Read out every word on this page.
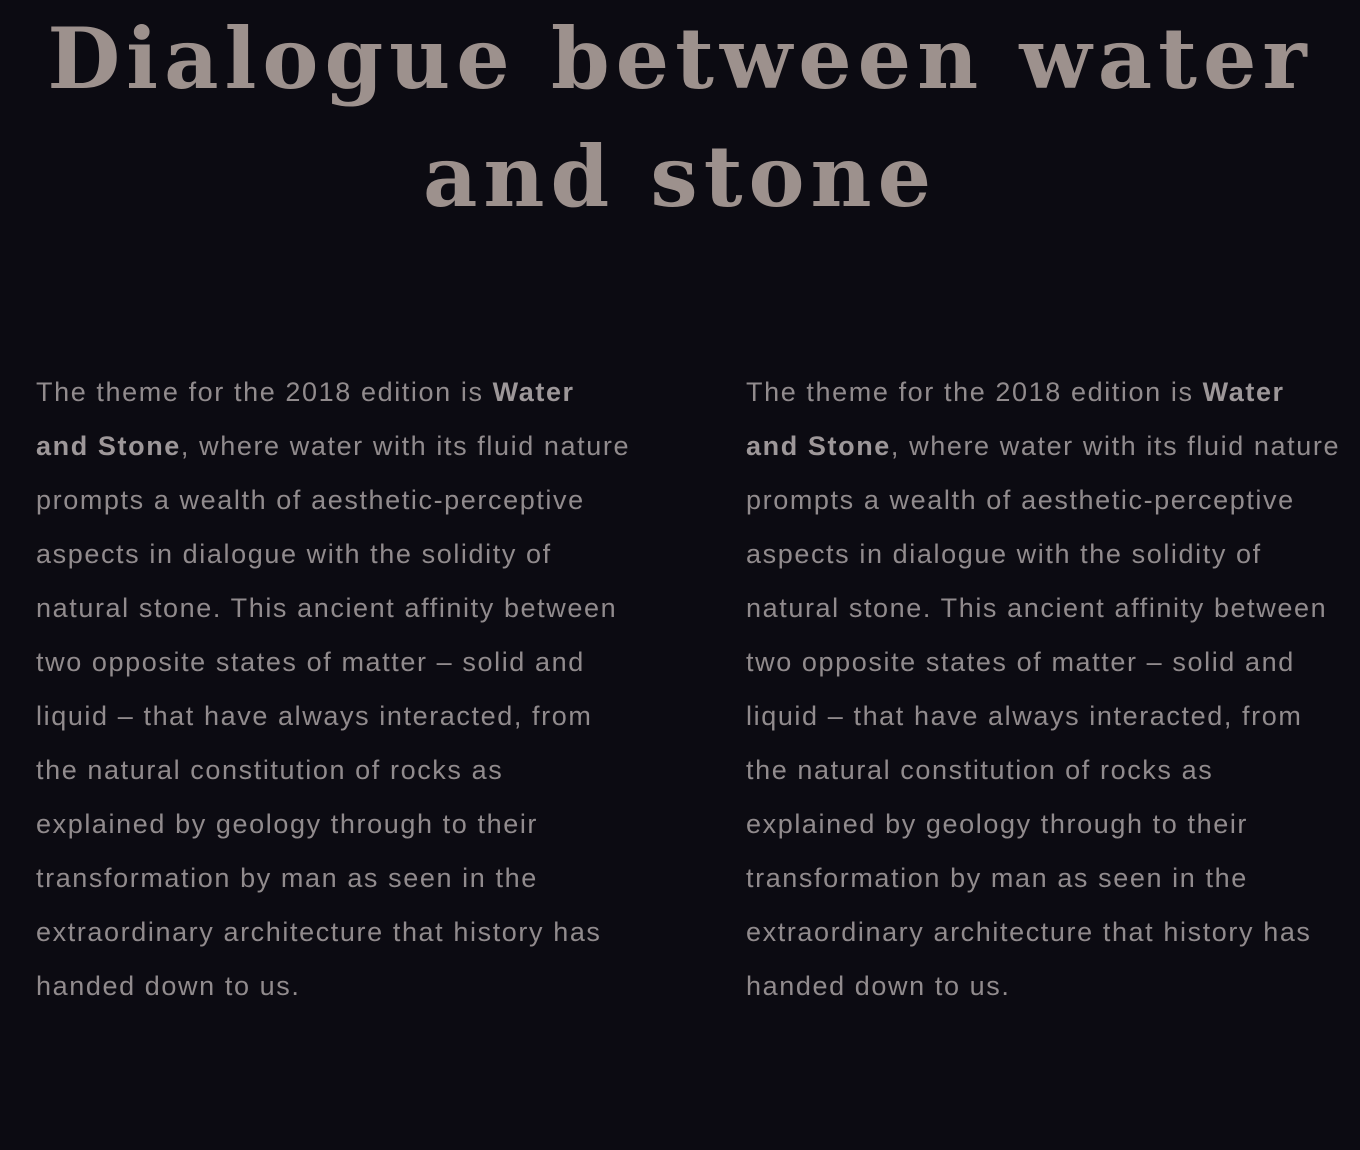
Dialogue between water
and stone

The theme for the 2018 edition is Water and Stone, where water with its fluid nature prompts a wealth of aesthetic-perceptive aspects in dialogue with the solidity of natural stone. This ancient affinity between two opposite states of matter – solid and liquid – that have always interacted, from the natural constitution of rocks as explained by geology through to their transformation by man as seen in the extraordinary architecture that history has handed down to us.

The theme for the 2018 edition is Water and Stone, where water with its fluid nature prompts a wealth of aesthetic-perceptive aspects in dialogue with the solidity of natural stone. This ancient affinity between two opposite states of matter – solid and liquid – that have always interacted, from the natural constitution of rocks as explained by geology through to their transformation by man as seen in the extraordinary architecture that history has handed down to us.
